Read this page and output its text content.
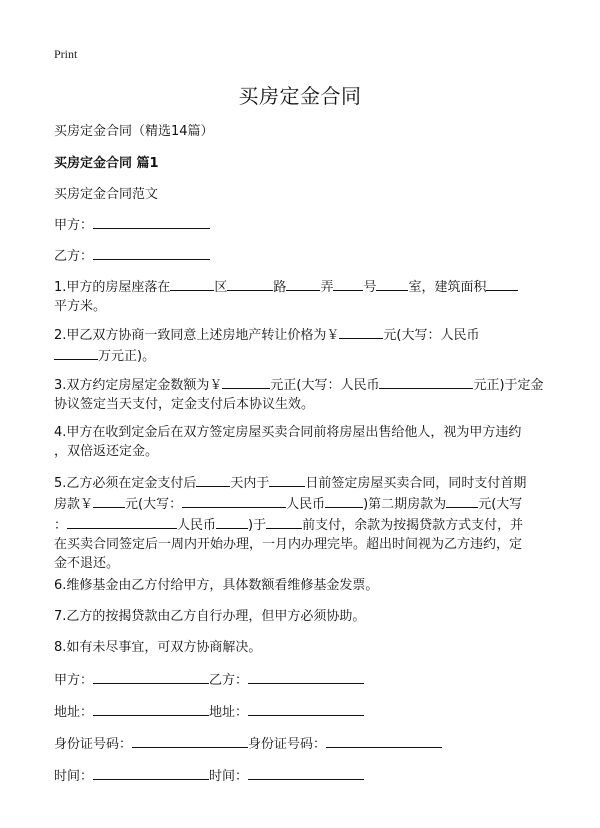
Print
买房定金合同
买房定金合同（精选14篇）
买房定金合同 篇1
买房定金合同范文
甲方：
乙方：
1.甲方的房屋座落在	区	路	弄 号 室，建筑面积
平方米。
2.甲乙双方协商一致同意上述房地产转让价格为￥	元(大写：人民币
万元正)。
3.双方约定房屋定金数额为￥	元正(大写：人民币	元正)于定金
协议签定当天支付，定金支付后本协议生效。
4.甲方在收到定金后在双方签定房屋买卖合同前将房屋出售给他人，视为甲方违约
，双倍返还定金。
5.乙方必须在定金支付后	天内于	日前签定房屋买卖合同，同时支付首期
房款￥ 元(大写：	人民币	)第二期房款为 元(大写
：	人民币 )于	前支付，余款为按揭贷款方式支付，并
在买卖合同签定后一周内开始办理，一月内办理完毕。超出时间视为乙方违约，定
金不退还。
6.维修基金由乙方付给甲方，具体数额看维修基金发票。
7.乙方的按揭贷款由乙方自行办理，但甲方必须协助。
8.如有未尽事宜，可双方协商解决。
甲方：	乙方：
地址：	地址：
身份证号码：	身份证号码：
时间：	时间：
